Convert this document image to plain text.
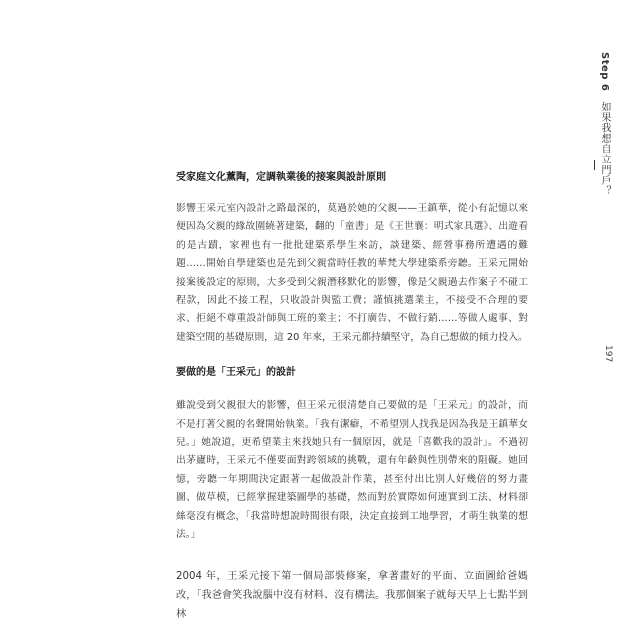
Step 6　如果我想自立門戶？
197
受家庭文化薰陶，定調執業後的接案與設計原則

影響王采元室內設計之路最深的，莫過於她的父親——王鎮華，從小有記憶以來便因為父親的緣故圍繞著建築，翻的「童書」是《王世襄：明式家具選》、出遊看的是古蹟，家裡也有一批批建築系學生來訪，談建築、經營事務所遭遇的難題……開始自學建築也是先到父親當時任教的華梵大學建築系旁聽。王采元開始接案後設定的原則，大多受到父親潛移默化的影響，像是父親過去作案子不碰工程款，因此不接工程，只收設計與監工費；謹慎挑選業主，不接受不合理的要求、拒絕不尊重設計師與工班的業主；不打廣告、不做行銷……等做人處事、對建築空間的基礎原則，這 20 年來，王采元都持續堅守，為自己想做的傾力投入。

要做的是「王采元」的設計

雖說受到父親很大的影響，但王采元很清楚自己要做的是「王采元」的設計，而不是打著父親的名聲開始執業。「我有潔癖，不希望別人找我是因為我是王鎮華女兒。」她說道，更希望業主來找她只有一個原因，就是「喜歡我的設計」。不過初出茅廬時，王采元不僅要面對跨領域的挑戰，還有年齡與性別帶來的阻礙。她回憶，旁聽一年期間決定跟著一起做設計作業，甚至付出比別人好幾倍的努力畫圖、做草模，已經掌握建築圖學的基礎，然而對於實際如何連實到工法、材料卻絲毫沒有概念，「我當時想說時間很有限，決定直接到工地學習，才萌生執業的想法。」

2004 年，王采元接下第一個局部裝修案，拿著畫好的平面、立面圖給爸媽改，「我爸會笑我說腦中沒有材料、沒有構法。我那個案子就每天早上七點半到林
